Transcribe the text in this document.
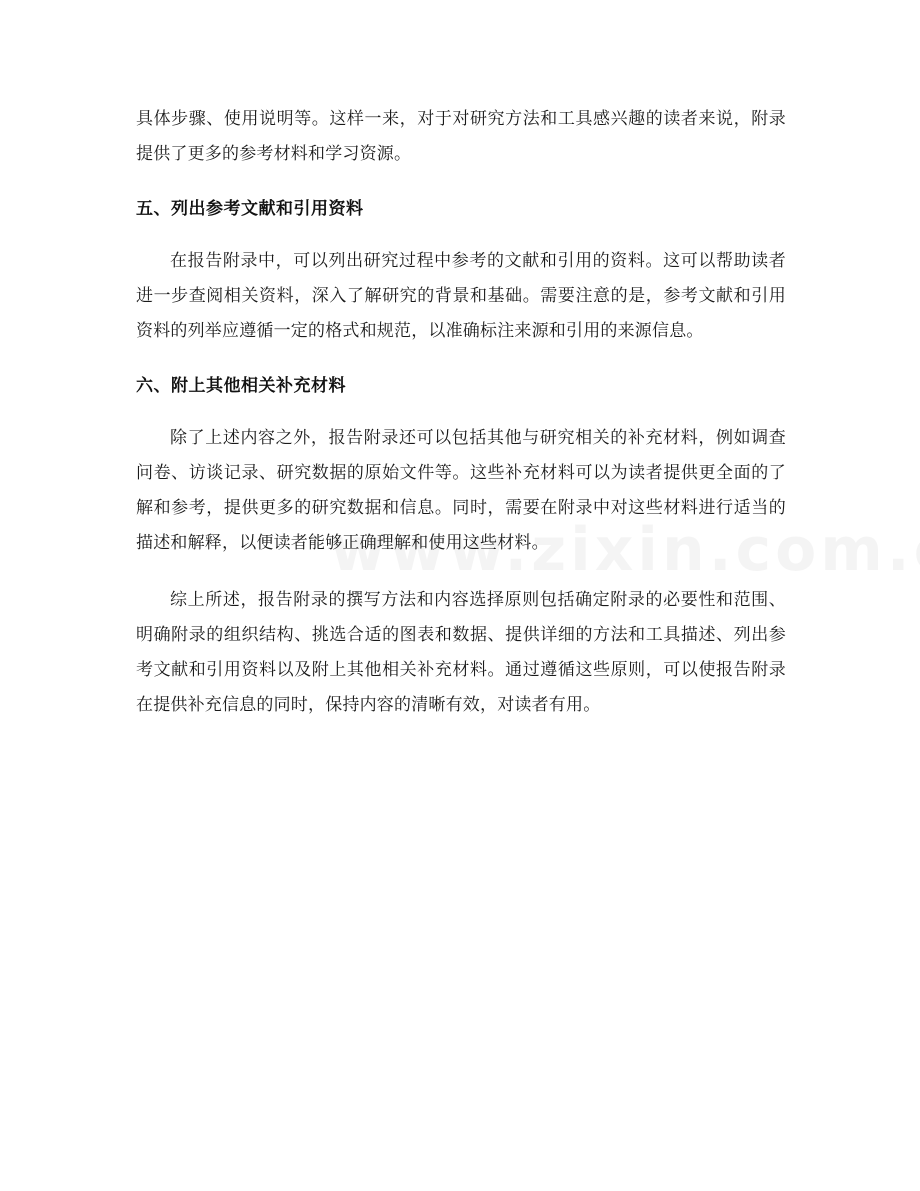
具体步骤、使用说明等。这样一来，对于对研究方法和工具感兴趣的读者来说，附录提供了更多的参考材料和学习资源。

五、列出参考文献和引用资料

在报告附录中，可以列出研究过程中参考的文献和引用的资料。这可以帮助读者进一步查阅相关资料，深入了解研究的背景和基础。需要注意的是，参考文献和引用资料的列举应遵循一定的格式和规范，以准确标注来源和引用的来源信息。

六、附上其他相关补充材料

除了上述内容之外，报告附录还可以包括其他与研究相关的补充材料，例如调查问卷、访谈记录、研究数据的原始文件等。这些补充材料可以为读者提供更全面的了解和参考，提供更多的研究数据和信息。同时，需要在附录中对这些材料进行适当的描述和解释，以便读者能够正确理解和使用这些材料。

综上所述，报告附录的撰写方法和内容选择原则包括确定附录的必要性和范围、明确附录的组织结构、挑选合适的图表和数据、提供详细的方法和工具描述、列出参考文献和引用资料以及附上其他相关补充材料。通过遵循这些原则，可以使报告附录在提供补充信息的同时，保持内容的清晰有效，对读者有用。
